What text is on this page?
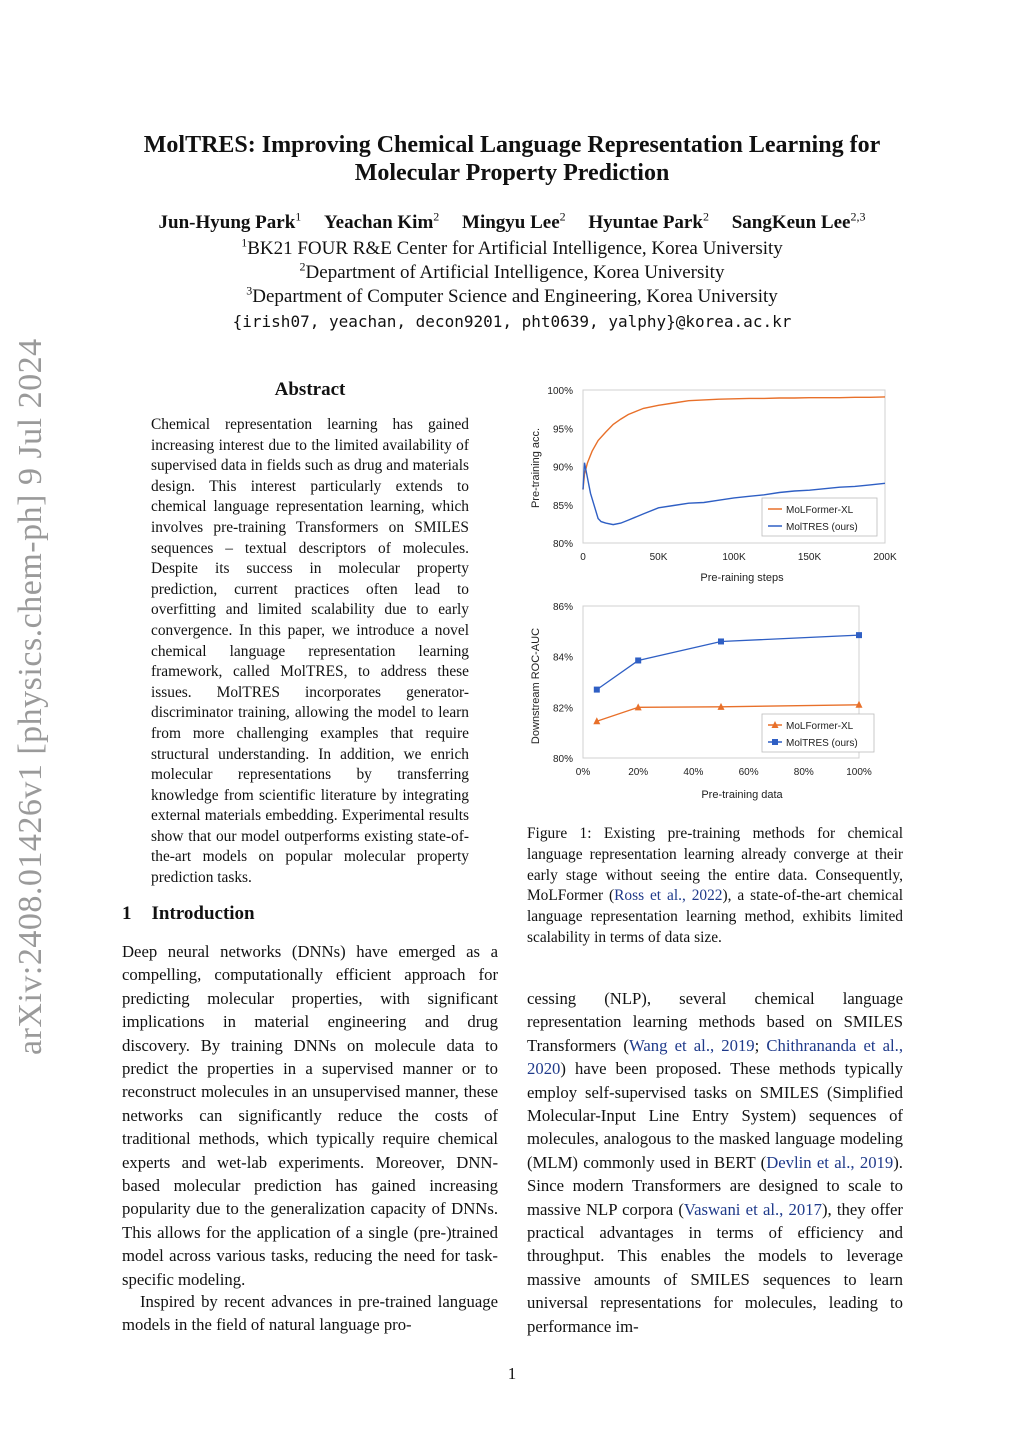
arXiv:2408.01426v1 [physics.chem-ph] 9 Jul 2024
MolTRES: Improving Chemical Language Representation Learning for
Molecular Property Prediction
Jun-Hyung Park$^1$ Yeachan Kim$^2$ Mingyu Lee$^2$ Hyuntae Park$^2$ SangKeun Lee$^{2,3}$
$^1$BK21 FOUR R&E Center for Artificial Intelligence, Korea University
$^2$Department of Artificial Intelligence, Korea University
$^3$Department of Computer Science and Engineering, Korea University
{irish07, yeachan, decon9201, pht0639, yalphy}@korea.ac.kr
Abstract
Chemical representation learning has gained increasing interest due to the limited availability of supervised data in fields such as drug and materials design. This interest particularly extends to chemical language representation learning, which involves pre-training Transformers on SMILES sequences – textual descriptors of molecules. Despite its success in molecular property prediction, current practices often lead to overfitting and limited scalability due to early convergence. In this paper, we introduce a novel chemical language representation learning framework, called MolTRES, to address these issues. MolTRES incorporates generator-discriminator training, allowing the model to learn from more challenging examples that require structural understanding. In addition, we enrich molecular representations by transferring knowledge from scientific literature by integrating external materials embedding. Experimental results show that our model outperforms existing state-of-the-art models on popular molecular property prediction tasks.
1 Introduction
Deep neural networks (DNNs) have emerged as a compelling, computationally efficient approach for predicting molecular properties, with significant implications in material engineering and drug discovery. By training DNNs on molecule data to predict the properties in a supervised manner or to reconstruct molecules in an unsupervised manner, these networks can significantly reduce the costs of traditional methods, which typically require chemical experts and wet-lab experiments. Moreover, DNN-based molecular prediction has gained increasing popularity due to the generalization capacity of DNNs. This allows for the application of a single (pre-)trained model across various tasks, reducing the need for task-specific modeling.
Inspired by recent advances in pre-trained language models in the field of natural language pro-
cessing (NLP), several chemical language representation learning methods based on SMILES Transformers (Wang et al., 2019; Chithrananda et al., 2020) have been proposed. These methods typically employ self-supervised tasks on SMILES (Simplified Molecular-Input Line Entry System) sequences of molecules, analogous to the masked language modeling (MLM) commonly used in BERT (Devlin et al., 2019). Since modern Transformers are designed to scale to massive NLP corpora (Vaswani et al., 2017), they offer practical advantages in terms of efficiency and throughput. This enables the models to leverage massive amounts of SMILES sequences to learn universal representations for molecules, leading to performance im-
80%
85%
90%
95%
100%
0	50K	100K	150K	200K
Pre-raining steps
Pre-training acc.
MoLFormer-XL
MolTRES (ours)
80%
82%
84%
86%
0%	20%	40%	60%	80%	100%
Pre-training data
Downstream ROC-AUC	MoLFormer-XL
MolTRES (ours)
Figure 1: Existing pre-training methods for chemical language representation learning already converge at their early stage without seeing the entire data. Consequently, MoLFormer (Ross et al., 2022), a state-of-the-art chemical language representation learning method, exhibits limited scalability in terms of data size.
1
